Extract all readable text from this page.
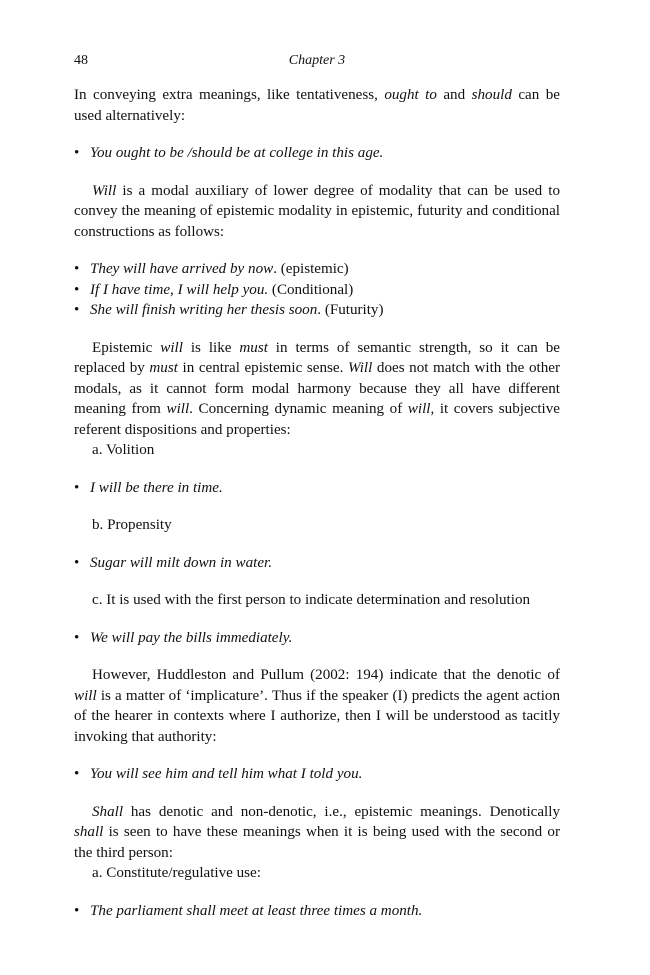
48	Chapter 3

In conveying extra meanings, like tentativeness, ought to and should can be used alternatively:

• You ought to be /should be at college in this age.

Will is a modal auxiliary of lower degree of modality that can be used to convey the meaning of epistemic modality in epistemic, futurity and conditional constructions as follows:

• They will have arrived by now. (epistemic)
• If I have time, I will help you. (Conditional)
• She will finish writing her thesis soon. (Futurity)

Epistemic will is like must in terms of semantic strength, so it can be replaced by must in central epistemic sense. Will does not match with the other modals, as it cannot form modal harmony because they all have different meaning from will. Concerning dynamic meaning of will, it covers subjective referent dispositions and properties:

a. Volition

• I will be there in time.

b. Propensity

• Sugar will milt down in water.

c. It is used with the first person to indicate determination and resolution

• We will pay the bills immediately.

However, Huddleston and Pullum (2002: 194) indicate that the denotic of will is a matter of ‘implicature’. Thus if the speaker (I) predicts the agent action of the hearer in contexts where I authorize, then I will be understood as tacitly invoking that authority:

• You will see him and tell him what I told you.

Shall has denotic and non-denotic, i.e., epistemic meanings. Denotically shall is seen to have these meanings when it is being used with the second or the third person:

a. Constitute/regulative use:

• The parliament shall meet at least three times a month.
